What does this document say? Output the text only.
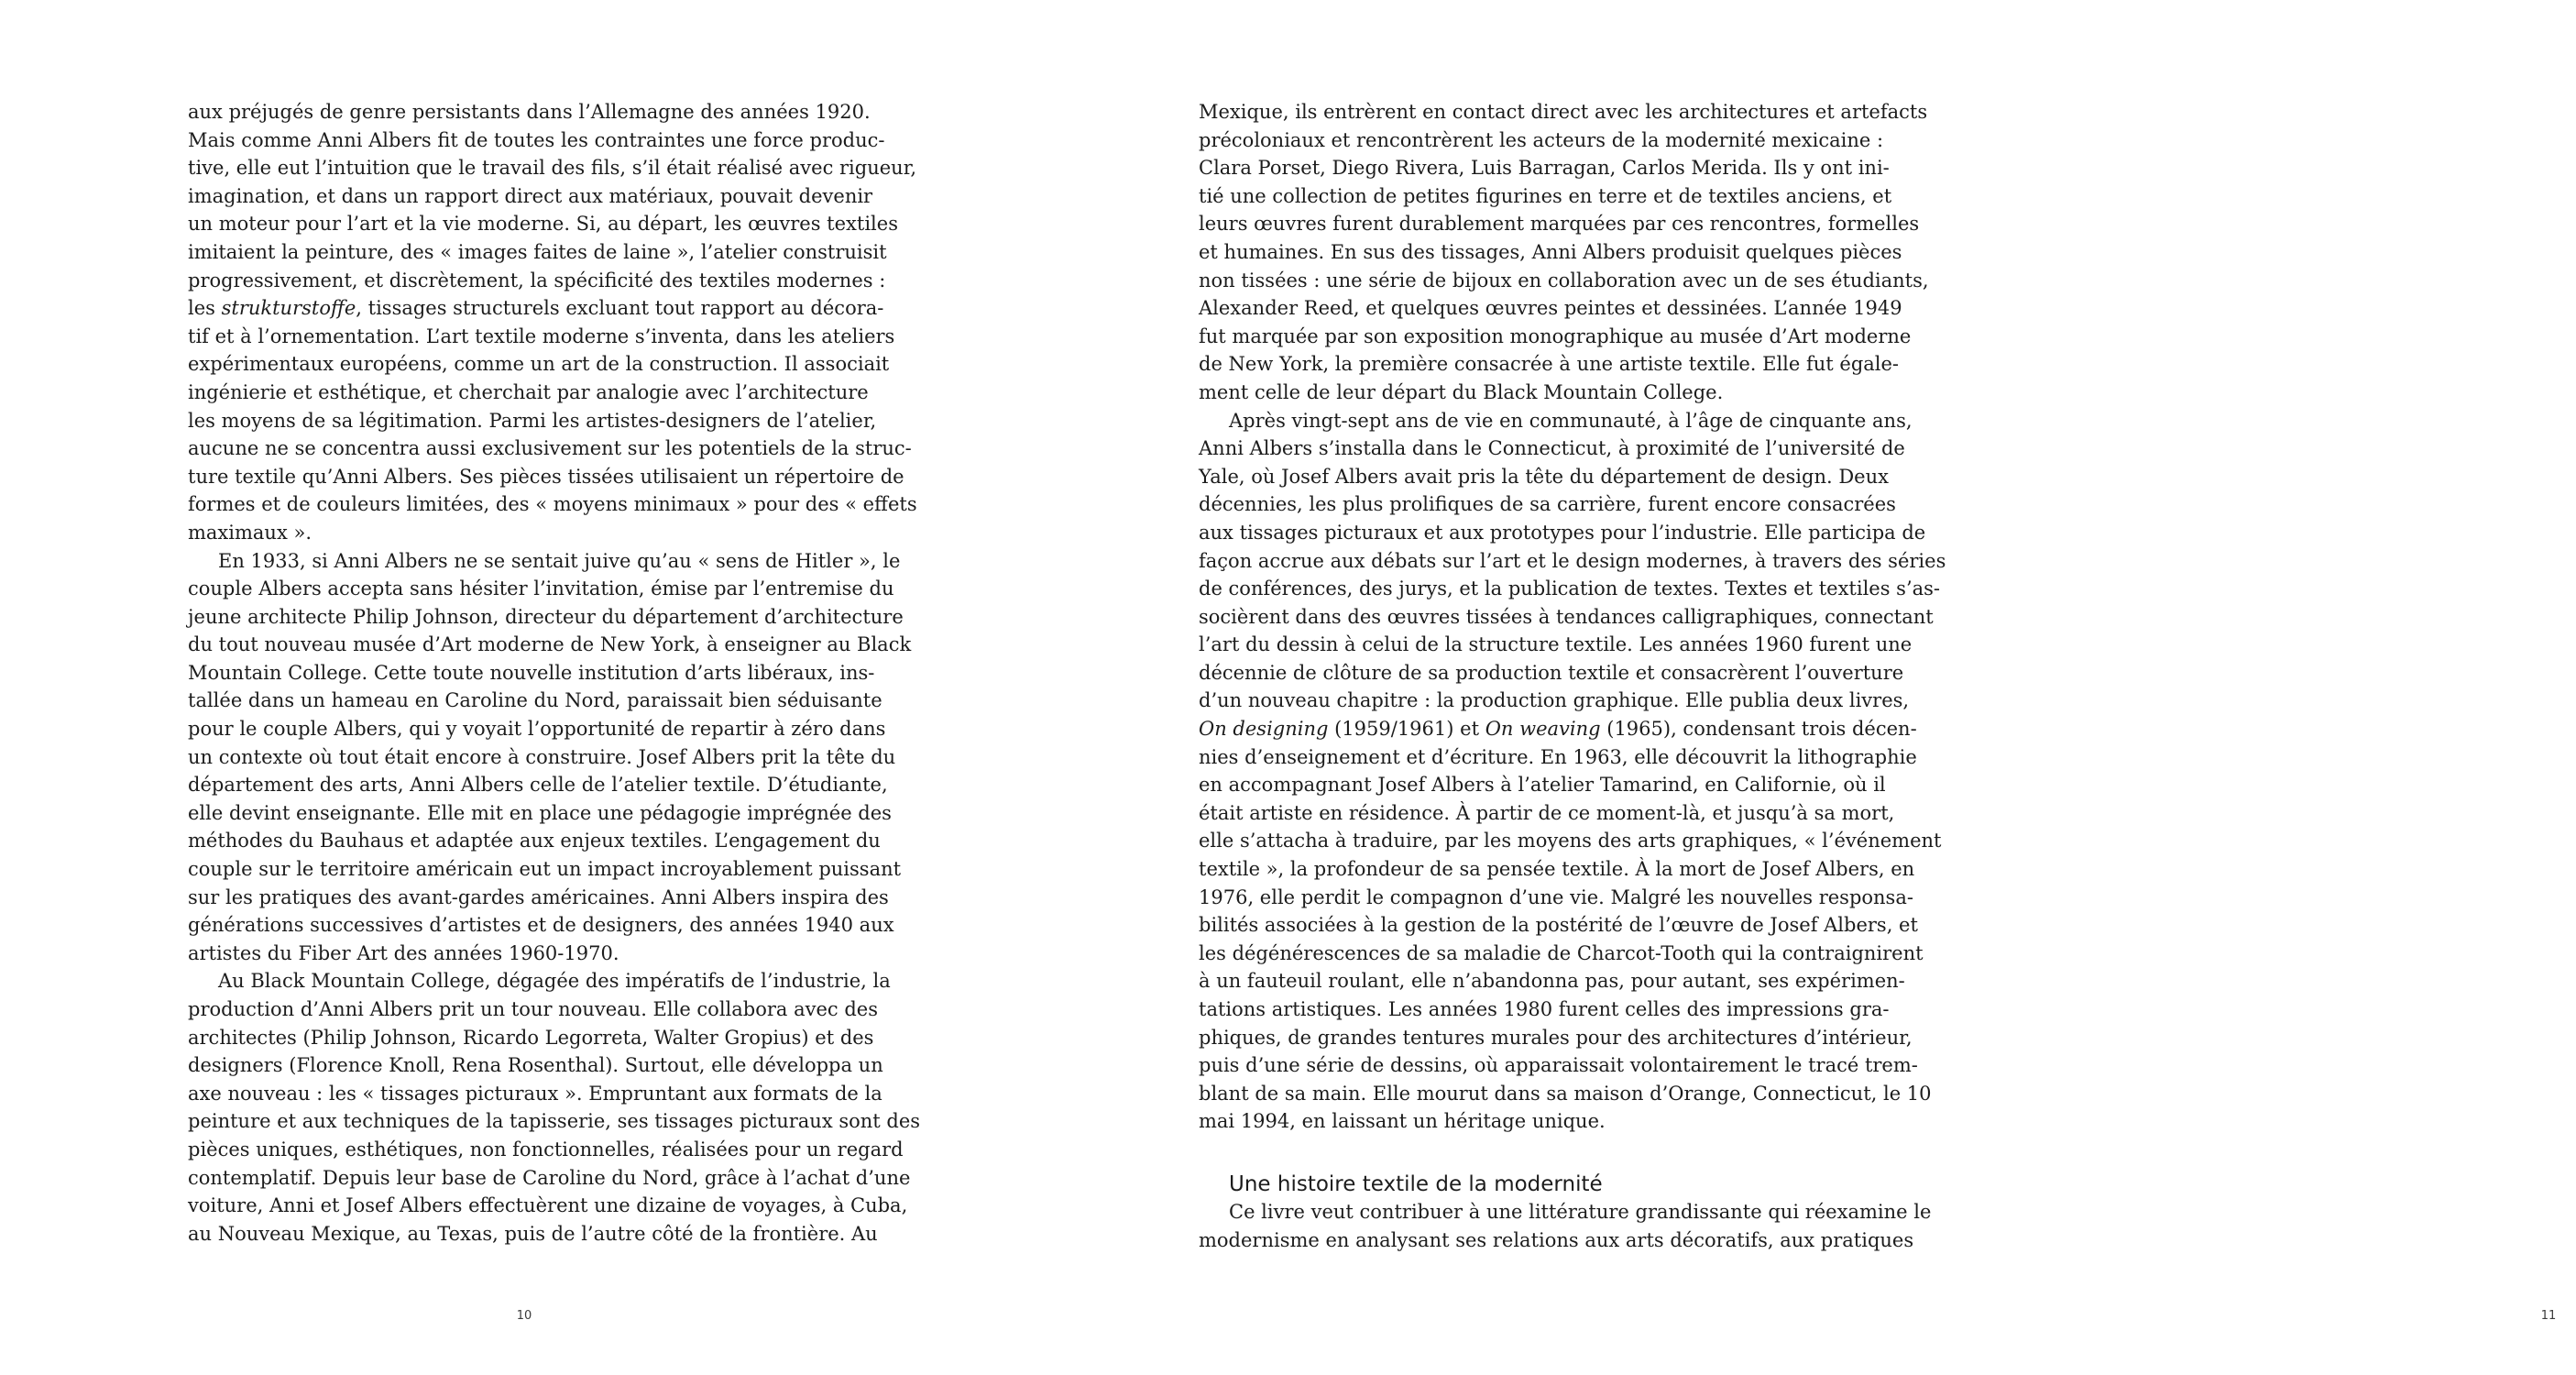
aux préjugés de genre persistants dans l’Allemagne des années 1920.
Mais comme Anni Albers fit de toutes les contraintes une force produc-
tive, elle eut l’intuition que le travail des fils, s’il était réalisé avec rigueur,
imagination, et dans un rapport direct aux matériaux, pouvait devenir
un moteur pour l’art et la vie moderne. Si, au départ, les œuvres textiles
imitaient la peinture, des « images faites de laine », l’atelier construisit
progressivement, et discrètement, la spécificité des textiles modernes :
les strukturstoffe, tissages structurels excluant tout rapport au décora-
tif et à l’ornementation. L’art textile moderne s’inventa, dans les ateliers
expérimentaux européens, comme un art de la construction. Il associait
ingénierie et esthétique, et cherchait par analogie avec l’architecture
les moyens de sa légitimation. Parmi les artistes-designers de l’atelier,
aucune ne se concentra aussi exclusivement sur les potentiels de la struc-
ture textile qu’Anni Albers. Ses pièces tissées utilisaient un répertoire de
formes et de couleurs limitées, des « moyens minimaux » pour des « effets
maximaux ».
En 1933, si Anni Albers ne se sentait juive qu’au « sens de Hitler », le
couple Albers accepta sans hésiter l’invitation, émise par l’entremise du
jeune architecte Philip Johnson, directeur du département d’architecture
du tout nouveau musée d’Art moderne de New York, à enseigner au Black
Mountain College. Cette toute nouvelle institution d’arts libéraux, ins-
tallée dans un hameau en Caroline du Nord, paraissait bien séduisante
pour le couple Albers, qui y voyait l’opportunité de repartir à zéro dans
un contexte où tout était encore à construire. Josef Albers prit la tête du
département des arts, Anni Albers celle de l’atelier textile. D’étudiante,
elle devint enseignante. Elle mit en place une pédagogie imprégnée des
méthodes du Bauhaus et adaptée aux enjeux textiles. L’engagement du
couple sur le territoire américain eut un impact incroyablement puissant
sur les pratiques des avant-gardes américaines. Anni Albers inspira des
générations successives d’artistes et de designers, des années 1940 aux
artistes du Fiber Art des années 1960-1970.
Au Black Mountain College, dégagée des impératifs de l’industrie, la
production d’Anni Albers prit un tour nouveau. Elle collabora avec des
architectes (Philip Johnson, Ricardo Legorreta, Walter Gropius) et des
designers (Florence Knoll, Rena Rosenthal). Surtout, elle développa un
axe nouveau : les « tissages picturaux ». Empruntant aux formats de la
peinture et aux techniques de la tapisserie, ses tissages picturaux sont des
pièces uniques, esthétiques, non fonctionnelles, réalisées pour un regard
contemplatif. Depuis leur base de Caroline du Nord, grâce à l’achat d’une
voiture, Anni et Josef Albers effectuèrent une dizaine de voyages, à Cuba,
au Nouveau Mexique, au Texas, puis de l’autre côté de la frontière. Au
10
Mexique, ils entrèrent en contact direct avec les architectures et artefacts
précoloniaux et rencontrèrent les acteurs de la modernité mexicaine :
Clara Porset, Diego Rivera, Luis Barragan, Carlos Merida. Ils y ont ini-
tié une collection de petites figurines en terre et de textiles anciens, et
leurs œuvres furent durablement marquées par ces rencontres, formelles
et humaines. En sus des tissages, Anni Albers produisit quelques pièces
non tissées : une série de bijoux en collaboration avec un de ses étudiants,
Alexander Reed, et quelques œuvres peintes et dessinées. L’année 1949
fut marquée par son exposition monographique au musée d’Art moderne
de New York, la première consacrée à une artiste textile. Elle fut égale-
ment celle de leur départ du Black Mountain College.
Après vingt-sept ans de vie en communauté, à l’âge de cinquante ans,
Anni Albers s’installa dans le Connecticut, à proximité de l’université de
Yale, où Josef Albers avait pris la tête du département de design. Deux
décennies, les plus prolifiques de sa carrière, furent encore consacrées
aux tissages picturaux et aux prototypes pour l’industrie. Elle participa de
façon accrue aux débats sur l’art et le design modernes, à travers des séries
de conférences, des jurys, et la publication de textes. Textes et textiles s’as-
socièrent dans des œuvres tissées à tendances calligraphiques, connectant
l’art du dessin à celui de la structure textile. Les années 1960 furent une
décennie de clôture de sa production textile et consacrèrent l’ouverture
d’un nouveau chapitre : la production graphique. Elle publia deux livres,
On designing (1959/1961) et On weaving (1965), condensant trois décen-
nies d’enseignement et d’écriture. En 1963, elle découvrit la lithographie
en accompagnant Josef Albers à l’atelier Tamarind, en Californie, où il
était artiste en résidence. À partir de ce moment-là, et jusqu’à sa mort,
elle s’attacha à traduire, par les moyens des arts graphiques, « l’événement
textile », la profondeur de sa pensée textile. À la mort de Josef Albers, en
1976, elle perdit le compagnon d’une vie. Malgré les nouvelles responsa-
bilités associées à la gestion de la postérité de l’œuvre de Josef Albers, et
les dégénérescences de sa maladie de Charcot-Tooth qui la contraignirent
à un fauteuil roulant, elle n’abandonna pas, pour autant, ses expérimen-
tations artistiques. Les années 1980 furent celles des impressions gra-
phiques, de grandes tentures murales pour des architectures d’intérieur,
puis d’une série de dessins, où apparaissait volontairement le tracé trem-
blant de sa main. Elle mourut dans sa maison d’Orange, Connecticut, le 10
mai 1994, en laissant un héritage unique.
Une histoire textile de la modernité
Ce livre veut contribuer à une littérature grandissante qui réexamine le
modernisme en analysant ses relations aux arts décoratifs, aux pratiques
11
